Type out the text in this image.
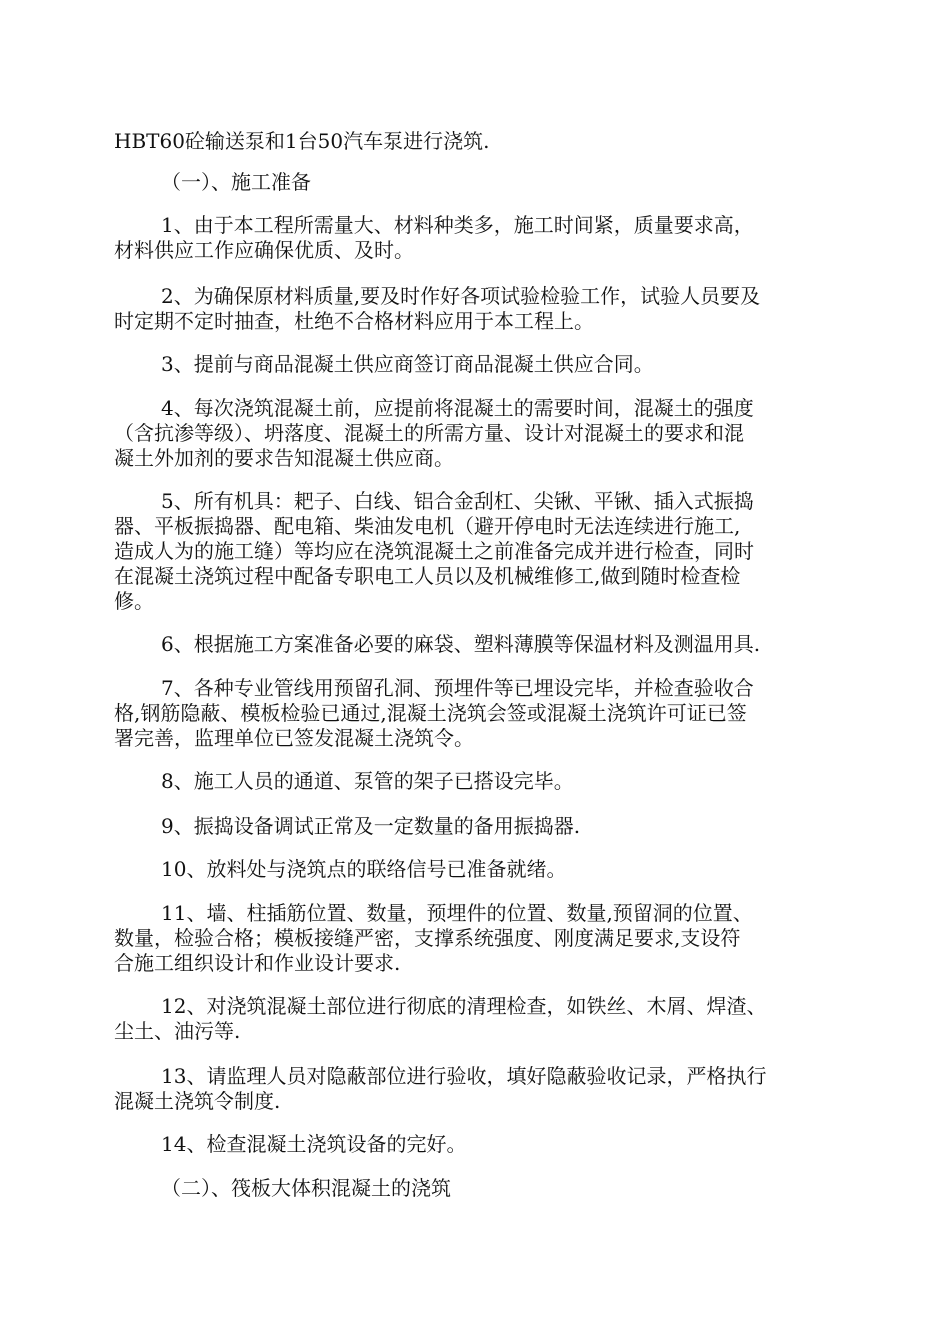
HBT60砼输送泵和1台50汽车泵进行浇筑.
（一）、施工准备
1、由于本工程所需量大、材料种类多，施工时间紧，质量要求高，
材料供应工作应确保优质、及时。
2、为确保原材料质量,要及时作好各项试验检验工作，试验人员要及
时定期不定时抽查，杜绝不合格材料应用于本工程上。
3、提前与商品混凝土供应商签订商品混凝土供应合同。
4、每次浇筑混凝土前，应提前将混凝土的需要时间，混凝土的强度
（含抗渗等级）、坍落度、混凝土的所需方量、设计对混凝土的要求和混
凝土外加剂的要求告知混凝土供应商。
5、所有机具：耙子、白线、铝合金刮杠、尖锹、平锹、插入式振捣
器、平板振捣器、配电箱、柴油发电机（避开停电时无法连续进行施工,
造成人为的施工缝）等均应在浇筑混凝土之前准备完成并进行检查，同时
在混凝土浇筑过程中配备专职电工人员以及机械维修工,做到随时检查检
修。
6、根据施工方案准备必要的麻袋、塑料薄膜等保温材料及测温用具.
7、各种专业管线用预留孔洞、预埋件等已埋设完毕，并检查验收合
格,钢筋隐蔽、模板检验已通过,混凝土浇筑会签或混凝土浇筑许可证已签
署完善，监理单位已签发混凝土浇筑令。
8、施工人员的通道、泵管的架子已搭设完毕。
9、振捣设备调试正常及一定数量的备用振捣器.
10、放料处与浇筑点的联络信号已准备就绪。
11、墙、柱插筋位置、数量，预埋件的位置、数量,预留洞的位置、
数量，检验合格；模板接缝严密，支撑系统强度、刚度满足要求,支设符
合施工组织设计和作业设计要求.
12、对浇筑混凝土部位进行彻底的清理检查，如铁丝、木屑、焊渣、
尘土、油污等.
13、请监理人员对隐蔽部位进行验收，填好隐蔽验收记录，严格执行
混凝土浇筑令制度.
14、检查混凝土浇筑设备的完好。
（二）、筏板大体积混凝土的浇筑
